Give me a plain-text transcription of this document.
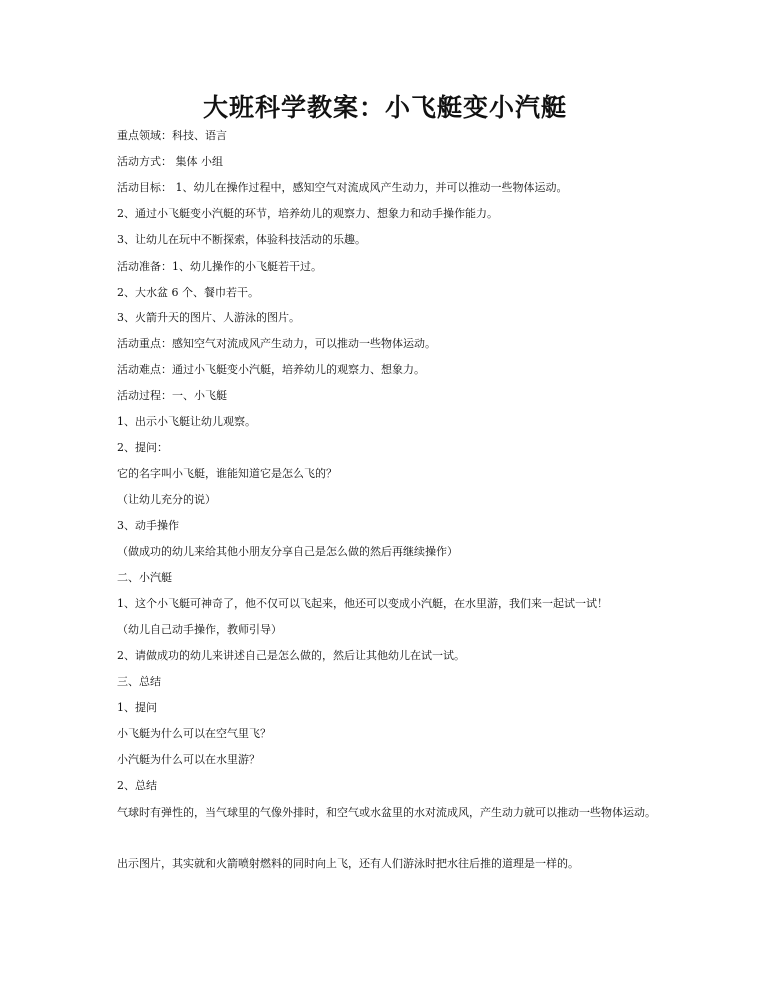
大班科学教案：小飞艇变小汽艇
重点领域：科技、语言
活动方式： 集体 小组
活动目标： 1、幼儿在操作过程中，感知空气对流成风产生动力，并可以推动一些物体运动。
2、通过小飞艇变小汽艇的环节，培养幼儿的观察力、想象力和动手操作能力。
3、让幼儿在玩中不断探索，体验科技活动的乐趣。
活动准备：1、幼儿操作的小飞艇若干过。
2、大水盆 6 个、餐巾若干。
3、火箭升天的图片、人游泳的图片。
活动重点：感知空气对流成风产生动力，可以推动一些物体运动。
活动难点：通过小飞艇变小汽艇，培养幼儿的观察力、想象力。
活动过程：一、小飞艇
1、出示小飞艇让幼儿观察。
2、提问：
它的名字叫小飞艇，谁能知道它是怎么飞的？
（让幼儿充分的说）
3、动手操作
（做成功的幼儿来给其他小朋友分享自己是怎么做的然后再继续操作）
二、小汽艇
1、这个小飞艇可神奇了，他不仅可以飞起来，他还可以变成小汽艇，在水里游，我们来一起试一试！
（幼儿自己动手操作，教师引导）
2、请做成功的幼儿来讲述自己是怎么做的，然后让其他幼儿在试一试。
三、总结
1、提问
小飞艇为什么可以在空气里飞？
小汽艇为什么可以在水里游？
2、总结
气球时有弹性的，当气球里的气像外排时，和空气或水盆里的水对流成风，产生动力就可以推动一些物体运动。
出示图片，其实就和火箭喷射燃料的同时向上飞，还有人们游泳时把水往后推的道理是一样的。
